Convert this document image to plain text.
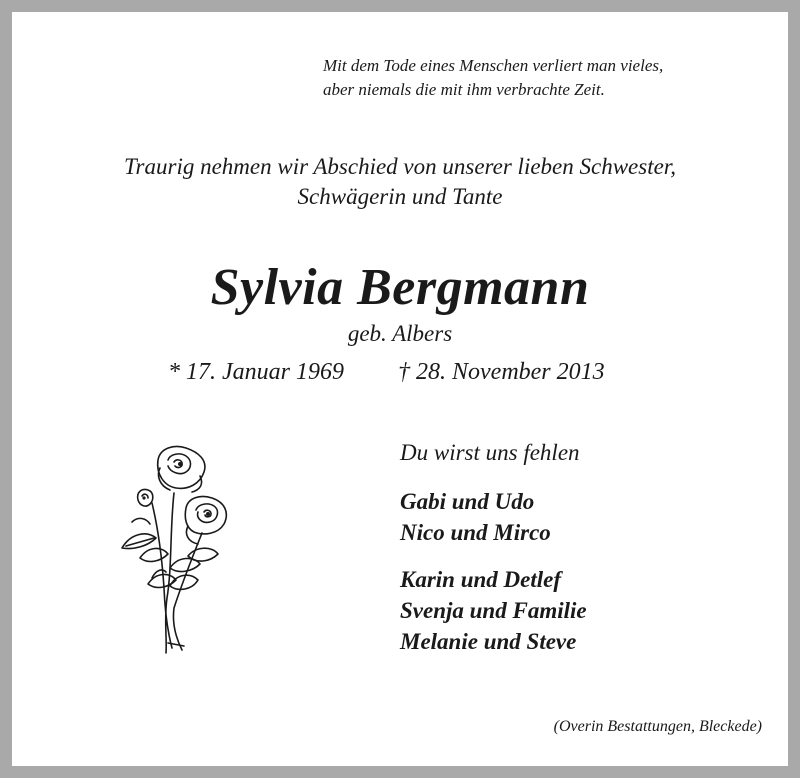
Mit dem Tode eines Menschen verliert man vieles,
aber niemals die mit ihm verbrachte Zeit.
Traurig nehmen wir Abschied von unserer lieben Schwester,
Schwägerin und Tante
Sylvia Bergmann
geb. Albers
* 17. Januar 1969 † 28. November 2013
Du wirst uns fehlen
Gabi und Udo
Nico und Mirco
Karin und Detlef
Svenja und Familie
Melanie und Steve
(Overin Bestattungen, Bleckede)
